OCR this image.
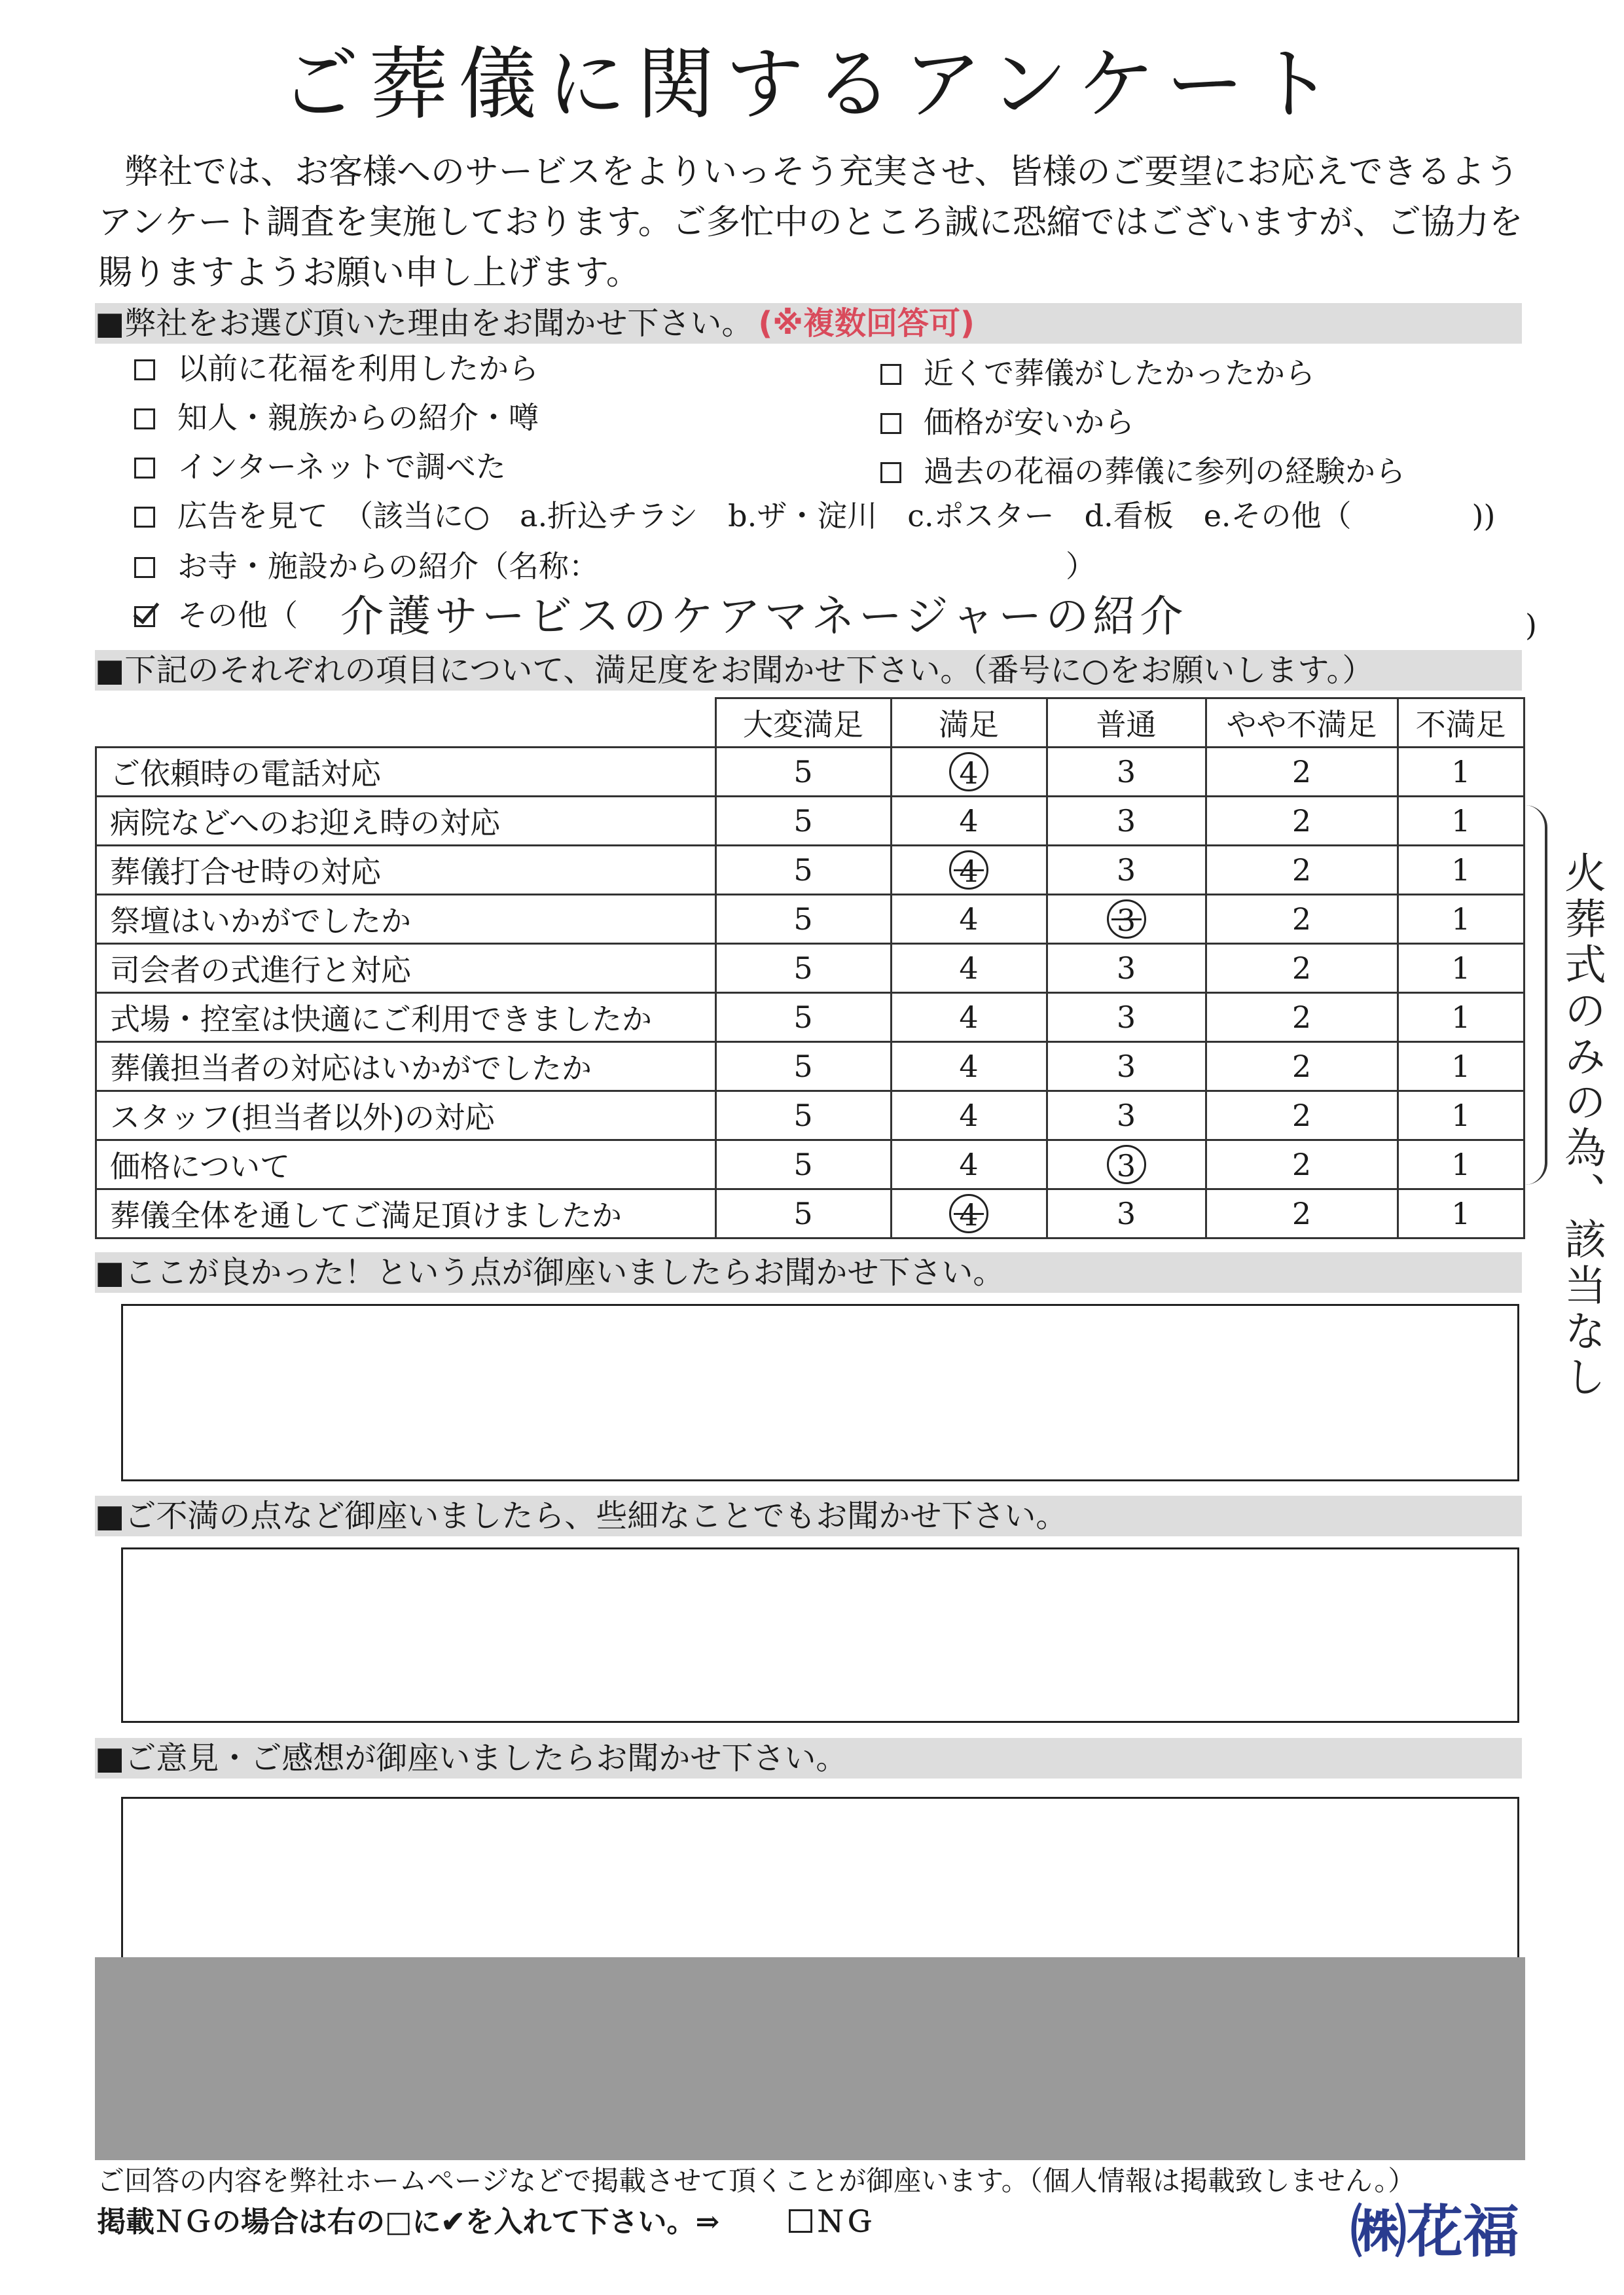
ご葬儀に関するアンケート
弊社では、お客様へのサービスをよりいっそう充実させ、皆様のご要望にお応えできるようアンケート調査を実施しております。ご多忙中のところ誠に恐縮ではございますが、ご協力を賜りますようお願い申し上げます。
■弊社をお選び頂いた理由をお聞かせ下さい。 (※複数回答可)
以前に花福を利用したから
知人・親族からの紹介・噂
インターネットで調べた
広告を見て　（該当に○　a.折込チラシ　b.ザ・淀川　c.ポスター　d.看板　e.その他（　　　　))
お寺・施設からの紹介（名称：　　　　　　　　　　　　　　　　）
その他（ 介護サービスのケアマネージャーの紹介	)
近くで葬儀がしたかったから
価格が安いから
過去の花福の葬儀に参列の経験から
■下記のそれぞれの項目について、満足度をお聞かせ下さい。（番号に○をお願いします。）
	大変満足	満足	普通	やや不満足	不満足
ご依頼時の電話対応	5	4	3	2	1
病院などへのお迎え時の対応	5	4	3	2	1
葬儀打合せ時の対応	5	4	3	2	1
祭壇はいかがでしたか	5	4	3	2	1
司会者の式進行と対応	5	4	3	2	1
式場・控室は快適にご利用できましたか	5	4	3	2	1
葬儀担当者の対応はいかがでしたか	5	4	3	2	1
スタッフ(担当者以外)の対応	5	4	3	2	1
価格について	5	4	3	2	1
葬儀全体を通してご満足頂けましたか	5	4	3	2	1 火葬式のみの為、該当なし
■ここが良かった！という点が御座いましたらお聞かせ下さい。
■ご不満の点など御座いましたら、些細なことでもお聞かせ下さい。
■ご意見・ご感想が御座いましたらお聞かせ下さい。
ご回答の内容を弊社ホームページなどで掲載させて頂くことが御座います。（個人情報は掲載致しません。）
掲載ＮＧの場合は右の□に✔を入れて下さい。⇒	ＮＧ	㈱花福
